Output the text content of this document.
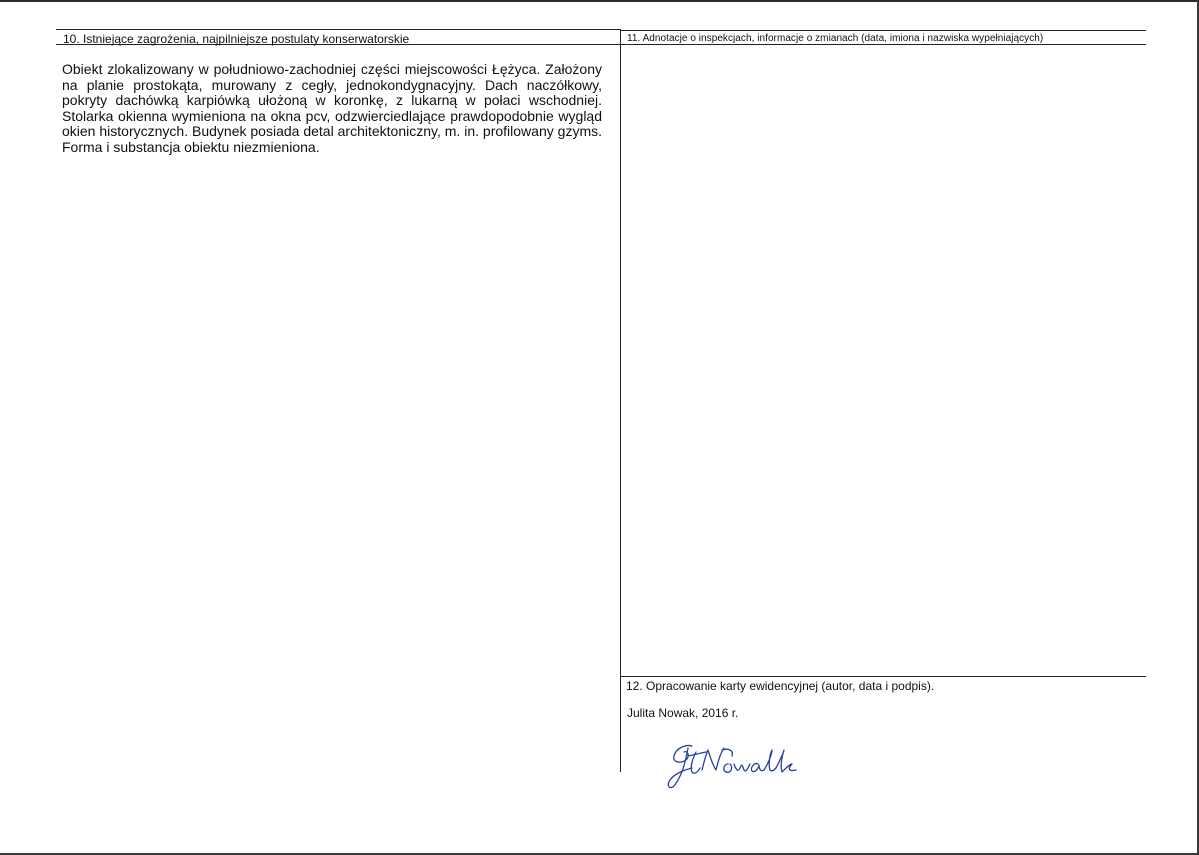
10. Istniejące zagrożenia, najpilniejsze postulaty konserwatorskie
Obiekt zlokalizowany w południowo-zachodniej części miejscowości Łężyca. Założony na planie prostokąta, murowany z cegły, jednokondygnacyjny. Dach naczółkowy, pokryty dachówką karpiówką ułożoną w koronkę, z lukarną w połaci wschodniej. Stolarka okienna wymieniona na okna pcv, odzwierciedlające prawdopodobnie wygląd okien historycznych. Budynek posiada detal architektoniczny, m. in. profilowany gzyms. Forma i substancja obiektu niezmieniona.
11. Adnotacje o inspekcjach, informacje o zmianach (data, imiona i nazwiska wypełniających)
12. Opracowanie karty ewidencyjnej (autor, data i podpis).
Julita Nowak, 2016 r.
